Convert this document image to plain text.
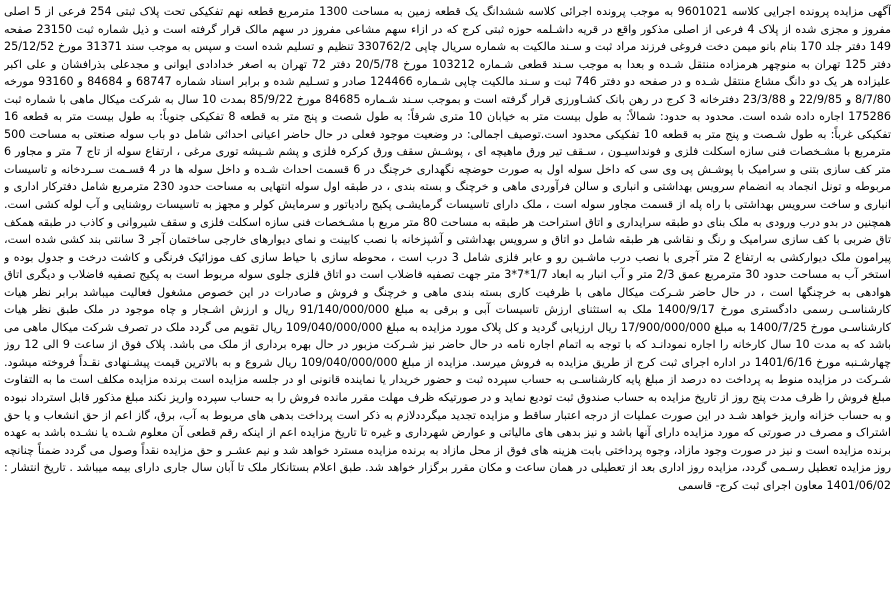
آگهی مزایده پرونده اجرایی کلاسه 9601021 به موجب پرونده اجرائی کلاسه ششدانگ یک قطعه زمین به مساحت 1300 مترمربع قطعه نهم تفکیکی تحت پلاک ثبتی 254 فرعی از 5 اصلی مفروز و مجزی شده از پلاک 4 فرعی از اصلی مذکور واقع در قریه داشـلمه حوزه ثبتی کرج که در ازاء سهم مشاعی مفروز در سهم مالک قرار گرفته است و ذیل شماره ثبت 23150 صفحه 149 دفتر جلد 170 بنام بانو میمن دخت فروغی فرزند مراد ثبت و سـند مالکیت به شماره سریال چاپی 330762/2 تنظیم و تسلیم شده است و سپس به موجب سند 31371 مورخ 25/12/52 دفتر 125 تهران به منوچهر هرمزاده منتقل شـده و بعدا به موجب سـند قطعی شـماره 103212 مورخ 20/5/78 دفتر 72 تهران به اصغر خدادادی ایوانی و مجدعلی بذرافشان و علی اکبر علیزاده هر یک دو دانگ مشاع منتقل شـده و در صفحه دو دفتر 746 ثبت و سـند مالکیت چاپی شـماره 124466 صادر و تسـلیم شده و برابر اسناد شماره 68747 و 84684 و 93160 مورخه 8/7/80 و 22/9/85 و 23/3/88 دفترخانه 3 کرج در رهن بانک کشـاورزی قرار گرفته است و بموجب سـند شـماره 84685 مورخ 85/9/22 بمدت 10 سال به شرکت میکال ماهی با شماره ثبت 175286 اجاره داده شده است. محدود به حدود: شمالاً: به طول بیست متر به خیابان 10 متری شرقاً: به طول شصت و پنج متر به قطعه 8 تفکیکی جنوباً: به طول بیست متر به قطعه 16 تفکیکی غرباً: به طول شـصت و پنج متر به قطعه 10 تفکیکی محدود است.توصیف اجمالی: در وضعیت موجود فعلی در حال حاضر اعیانی احداثی شامل دو باب سوله صنعتی به مساحت 500 مترمربع با مشـخصات فنی سازه اسکلت فلزی و فونداسیـون ، سـقف تیر ورق ماهیچه ای ، پوشـش سقف ورق کرکره فلزی و پشم شـیشه توری مرغی ، ارتفاع سوله از تاج 7 متر و مجاور 6 متر کف سازی بتنی و سرامیک با پوشـش پی وی سی که داخل سوله اول به صورت حوضچه نگهداری خرچنگ در 6 قسمت احداث شـده و داخل سوله ها در 4 قسـمت سـردخانه و تاسیسات مربوطه و تونل انجماد به انضمام سرویس بهداشتی و انباری و سالن فرآوردی ماهی و خرچنگ و بسته بندی ، در طبقه اول سوله انتهایی به مساحت حدود 230 مترمربع شامل دفترکار اداری و انباری و ساخت سرویس بهداشتی با راه پله از قسمت مجاور سوله است ، ملک دارای تاسیسات گرمایشـی پکیج رادیاتور و سرمایش کولر و مجهز به تاسیسات روشنایی و آب لوله کشی است. همچنین در بدو درب ورودی به ملک بنای دو طبقه سرایداری و اتاق استراحت هر طبقه به مساحت 80 متر مربع با مشـخصات فنی سازه اسکلت فلزی و سقف شیروانی و کاذب در طبقه همکف تاق ضربی با کف سازی سرامیک و رنگ و نقاشی هر طبقه شامل دو اتاق و سرویس بهداشتی و آشپزخانه با نصب کابینت و نمای دیوارهای خارجی ساختمان آجر 3 سانتی بند کشی شده است، پیرامون ملک دیوارکشی به ارتفاع 2 متر آجری با نصب درب ماشـین رو و عابر فلزی شامل 3 درب است ، محوطه سازی با حیاط سازی کف موزائیک فرنگی و کاشت درخت و جدول بوده و استخر آب به مساحت حدود 30 مترمربع عمق 2/3 متر و آب انبار به ابعاد 1/7*7*3 متر جهت تصفیه فاضلاب است دو اتاق فلزی جلوی سوله مربوط است به پکیج تصفیه فاضلاب و دیگری اتاق هوادهی به خرچنگها است ، در حال حاضر شـرکت میکال ماهی با ظرفیت کاری بسته بندی ماهی و خرچنگ و فروش و صادرات در این خصوص مشغول فعالیت میباشد برابر نظر هیات کارشناسـی رسمی دادگستری مورخ 1400/9/17 ملک به استثنای ارزش تاسیسات آبی و برقی به مبلغ 91/140/000/000 ریال و ارزش اشـجار و چاه موجود در ملک طبق نظر هیات کارشناسـی مورخ 1400/7/25 به مبلغ 17/900/000/000 ریال ارزیابی گردید و کل پلاک مورد مزایده به مبلغ 109/040/000/000 ریال تقویم می گردد ملک در تصرف شرکت میکال ماهی می باشد که به مدت 10 سال کارخانه را اجاره نمودانـد که با توجه به اتمام اجاره نامه در حال حاضر نیز شـرکت مزبور در حال بهره برداری از ملک می باشد. پلاک فوق از ساعت 9 الی 12 روز چهارشـنبه مورخ 1401/6/16 در اداره اجرای ثبت کرج از طریق مزایده به فروش میرسد. مزایده از مبلغ 109/040/000/000 ریال شروع و به بالاترین قیمت پیشـنهادی نقـداً فروخته میشود. شـرکت در مزایده منوط به پرداخت ده درصد از مبلغ پایه کارشناسـی به حساب سپرده ثبت و حضور خریدار یا نماینده قانونی او در جلسه مزایده است برنده مزایده مکلف است ما به التفاوت مبلغ فروش را ظرف مدت پنج روز از تاریخ مزایده به حساب صندوق ثبت تودیع نماید و در صورتیکه ظرف مهلت مقرر مانده فروش را به حساب سپرده واریز نکند مبلغ مذکور قابل استرداد نبوده و به حساب خزانه واریز خواهد شـد در این صورت عملیات از درجه اعتبار ساقط و مزایده تجدید میگرددلازم به ذکر است پرداخت بدهی های مربوط به آب، برق، گاز اعم از حق انشعاب و یا حق اشتراک و مصرف در صورتی که مورد مزایده دارای آنها باشد و نیز بدهی های مالیاتی و عوارض شهرداری و غیره تا تاریخ مزایده اعم از اینکه رقم قطعی آن معلوم شـده یا نشـده باشد به عهده برنده مزایده است و نیز در صورت وجود مازاد، وجوه پرداختی بابت هزینه های فوق از محل مازاد به برنده مزایده مسترد خواهد شد و نیم عشـر و حق مزایده نقداً وصول می گردد ضمناً چنانچه روز مزایده تعطیل رسـمی گردد، مزایده روز اداری بعد از تعطیلی در همان ساعت و مکان مقرر برگزار خواهد شد. طبق اعلام بستانکار ملک تا آبان سال جاری دارای بیمه میباشد . تاریخ انتشار : 1401/06/02 معاون اجرای ثبت کرج- قاسمی
